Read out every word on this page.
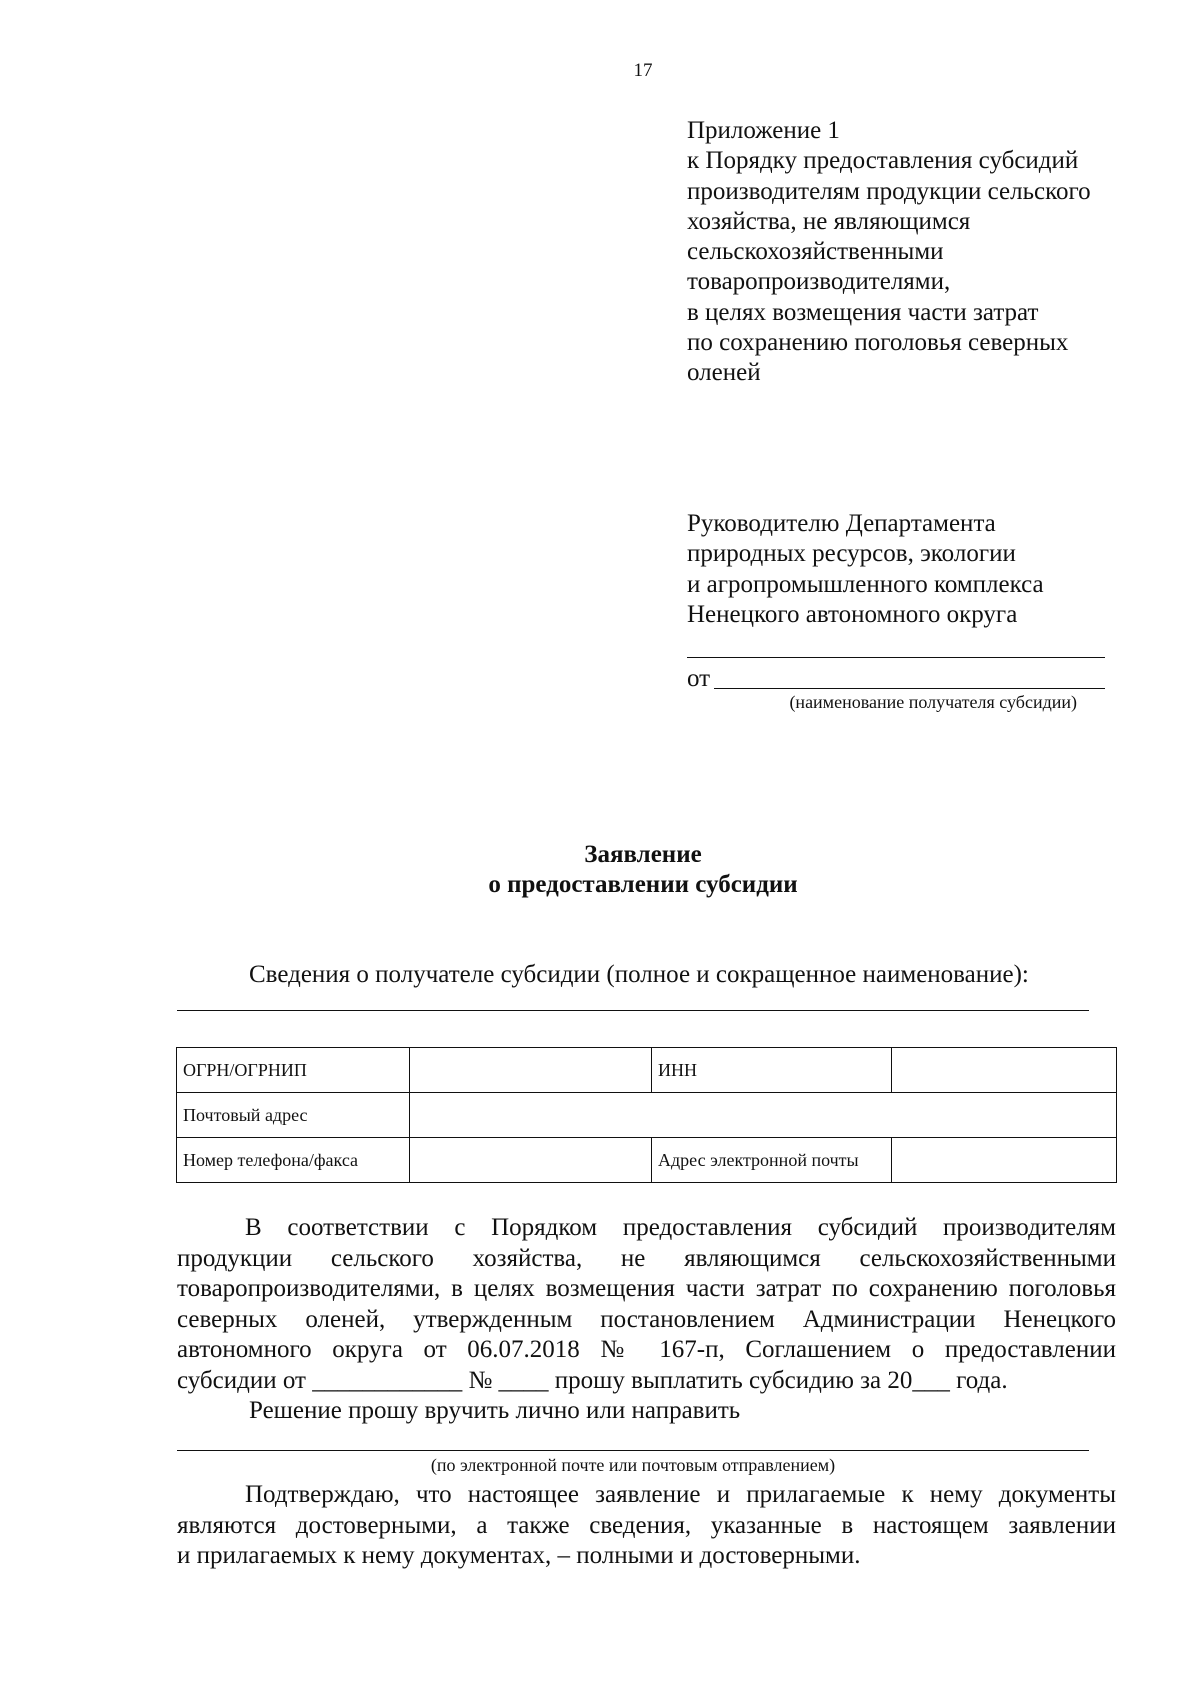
17
Приложение 1
к Порядку предоставления субсидий
производителям продукции сельского
хозяйства, не являющимся
сельскохозяйственными
товаропроизводителями,
в целях возмещения части затрат
по сохранению поголовья северных
оленей
Руководителю Департамента
природных ресурсов, экологии
и агропромышленного комплекса
Ненецкого автономного округа
от
(наименование получателя субсидии)
Заявление
о предоставлении субсидии
Сведения о получателе субсидии (полное и сокращенное наименование):
ОГРН/ОГРНИП		ИНН	
Почтовый адрес			
Номер телефона/факса		Адрес электронной почты	
В соответствии с Порядком предоставления субсидий производителям
продукции сельского хозяйства, не являющимся сельскохозяйственными
товаропроизводителями, в целях возмещения части затрат по сохранению поголовья
северных оленей, утвержденным постановлением Администрации Ненецкого
автономного округа от 06.07.2018 № 167-п, Соглашением о предоставлении
субсидии от ____________ № ____ прошу выплатить субсидию за 20___ года.
Решение прошу вручить лично или направить
(по электронной почте или почтовым отправлением)
Подтверждаю, что настоящее заявление и прилагаемые к нему документы
являются достоверными, а также сведения, указанные в настоящем заявлении
и прилагаемых к нему документах, – полными и достоверными.
